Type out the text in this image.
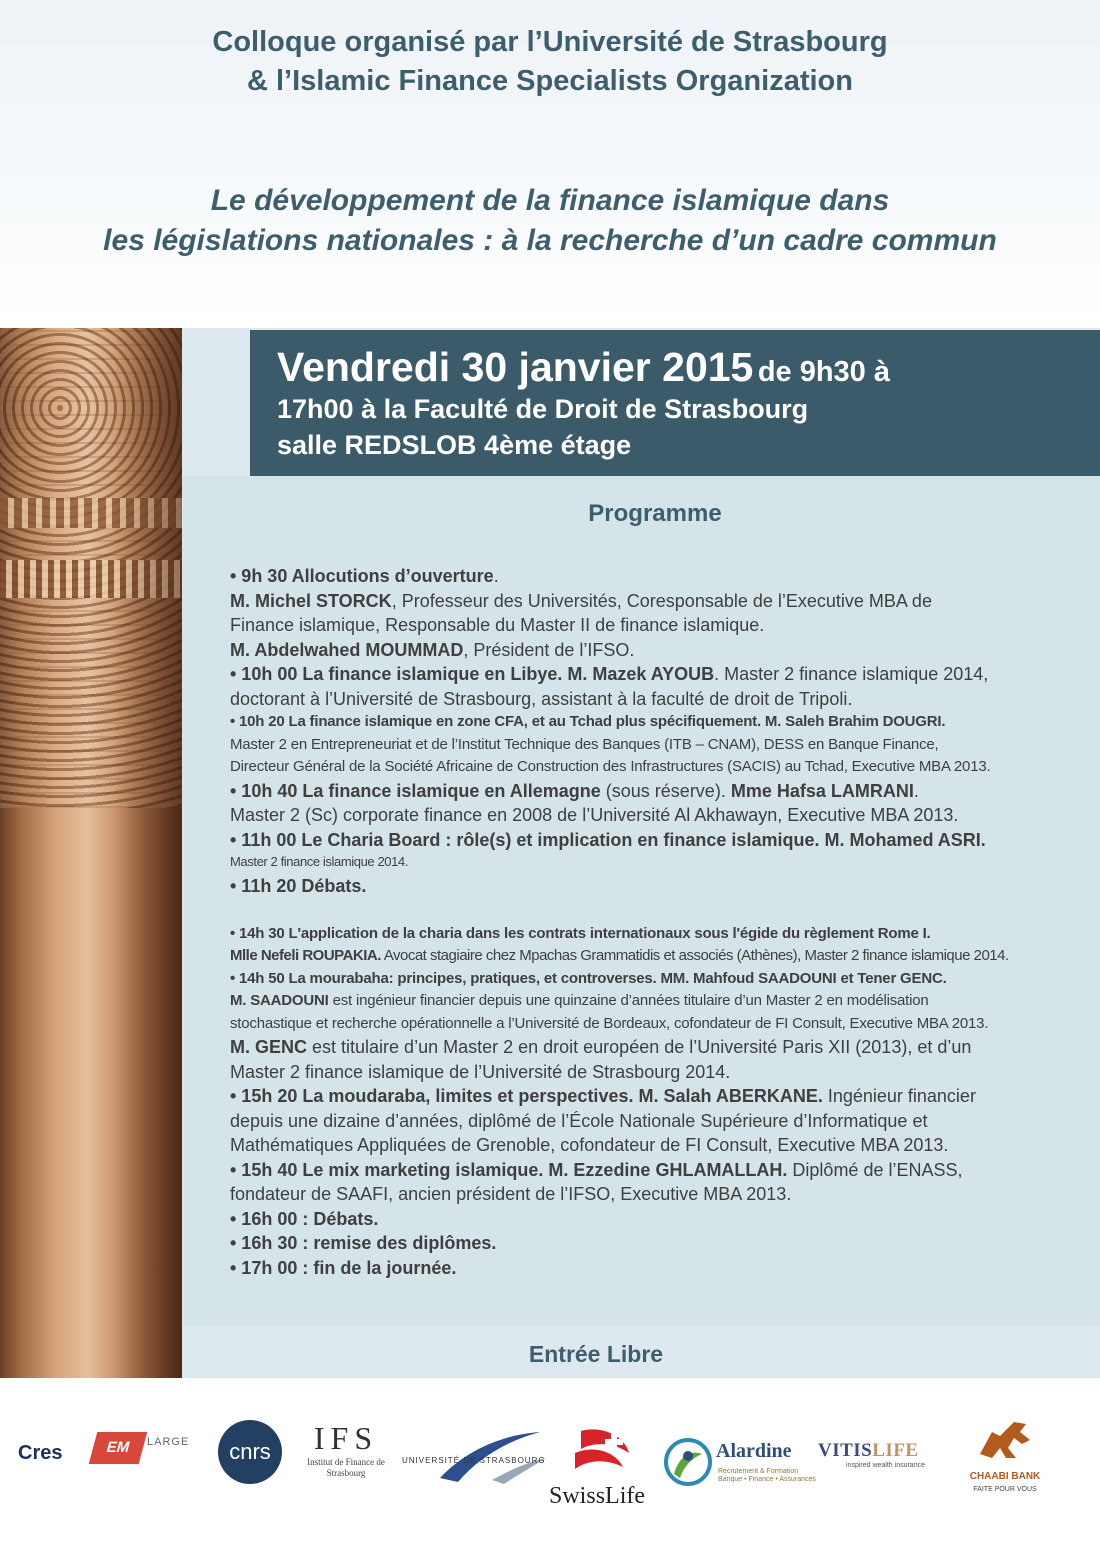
Colloque organisé par l’Université de Strasbourg
& l’Islamic Finance Specialists Organization
Le développement de la finance islamique dans
les législations nationales : à la recherche d’un cadre commun
Vendredi 30 janvier 2015 de 9h30 à
17h00 à la Faculté de Droit de Strasbourg
salle REDSLOB 4ème étage
Programme
• 9h 30 Allocutions d’ouverture.
M. Michel STORCK, Professeur des Universités, Coresponsable de l’Executive MBA de
Finance islamique, Responsable du Master II de finance islamique.
M. Abdelwahed MOUMMAD, Président de l’IFSO.
• 10h 00 La finance islamique en Libye. M. Mazek AYOUB. Master 2 finance islamique 2014,
doctorant à l’Université de Strasbourg, assistant à la faculté de droit de Tripoli.
• 10h 20 La finance islamique en zone CFA, et au Tchad plus spécifiquement. M. Saleh Brahim DOUGRI.
Master 2 en Entrepreneuriat et de l’Institut Technique des Banques (ITB – CNAM), DESS en Banque Finance,
Directeur Général de la Société Africaine de Construction des Infrastructures (SACIS) au Tchad, Executive MBA 2013.
• 10h 40 La finance islamique en Allemagne (sous réserve). Mme Hafsa LAMRANI.
Master 2 (Sc) corporate finance en 2008 de l’Université Al Akhawayn, Executive MBA 2013.
• 11h 00 Le Charia Board : rôle(s) et implication en finance islamique. M. Mohamed ASRI.
Master 2 finance islamique 2014.
• 11h 20 Débats.
• 14h 30 L'application de la charia dans les contrats internationaux sous l'égide du règlement Rome I.
Mlle Nefeli ROUPAKIA. Avocat stagiaire chez Mpachas Grammatidis et associés (Athènes), Master 2 finance islamique 2014.
• 14h 50 La mourabaha: principes, pratiques, et controverses. MM. Mahfoud SAADOUNI et Tener GENC.
M. SAADOUNI est ingénieur financier depuis une quinzaine d’années titulaire d’un Master 2 en modélisation
stochastique et recherche opérationnelle a l’Université de Bordeaux, cofondateur de FI Consult, Executive MBA 2013.
M. GENC est titulaire d’un Master 2 en droit européen de l’Université Paris XII (2013), et d’un
Master 2 finance islamique de l’Université de Strasbourg 2014.
• 15h 20 La moudaraba, limites et perspectives. M. Salah ABERKANE. Ingénieur financier
depuis une dizaine d’années, diplômé de l’École Nationale Supérieure d’Informatique et
Mathématiques Appliquées de Grenoble, cofondateur de FI Consult, Executive MBA 2013.
• 15h 40 Le mix marketing islamique. M. Ezzedine GHLAMALLAH. Diplômé de l’ENASS,
fondateur de SAAFI, ancien président de l’IFSO, Executive MBA 2013.
• 16h 00 : Débats.
• 16h 30 : remise des diplômes.
• 17h 00 : fin de la journée.
Entrée Libre
Cres	EM	LARGE	cnrs	IFS
Institut de Finance de Strasbourg
UNIVERSITÉ DE STRASBOURG
SwissLife
Alardine
Recrutement & Formation Banque • Finance • Assurances
VITISLIFE
inspired wealth insurance
CHAABI BANK
FAITE POUR VOUS
